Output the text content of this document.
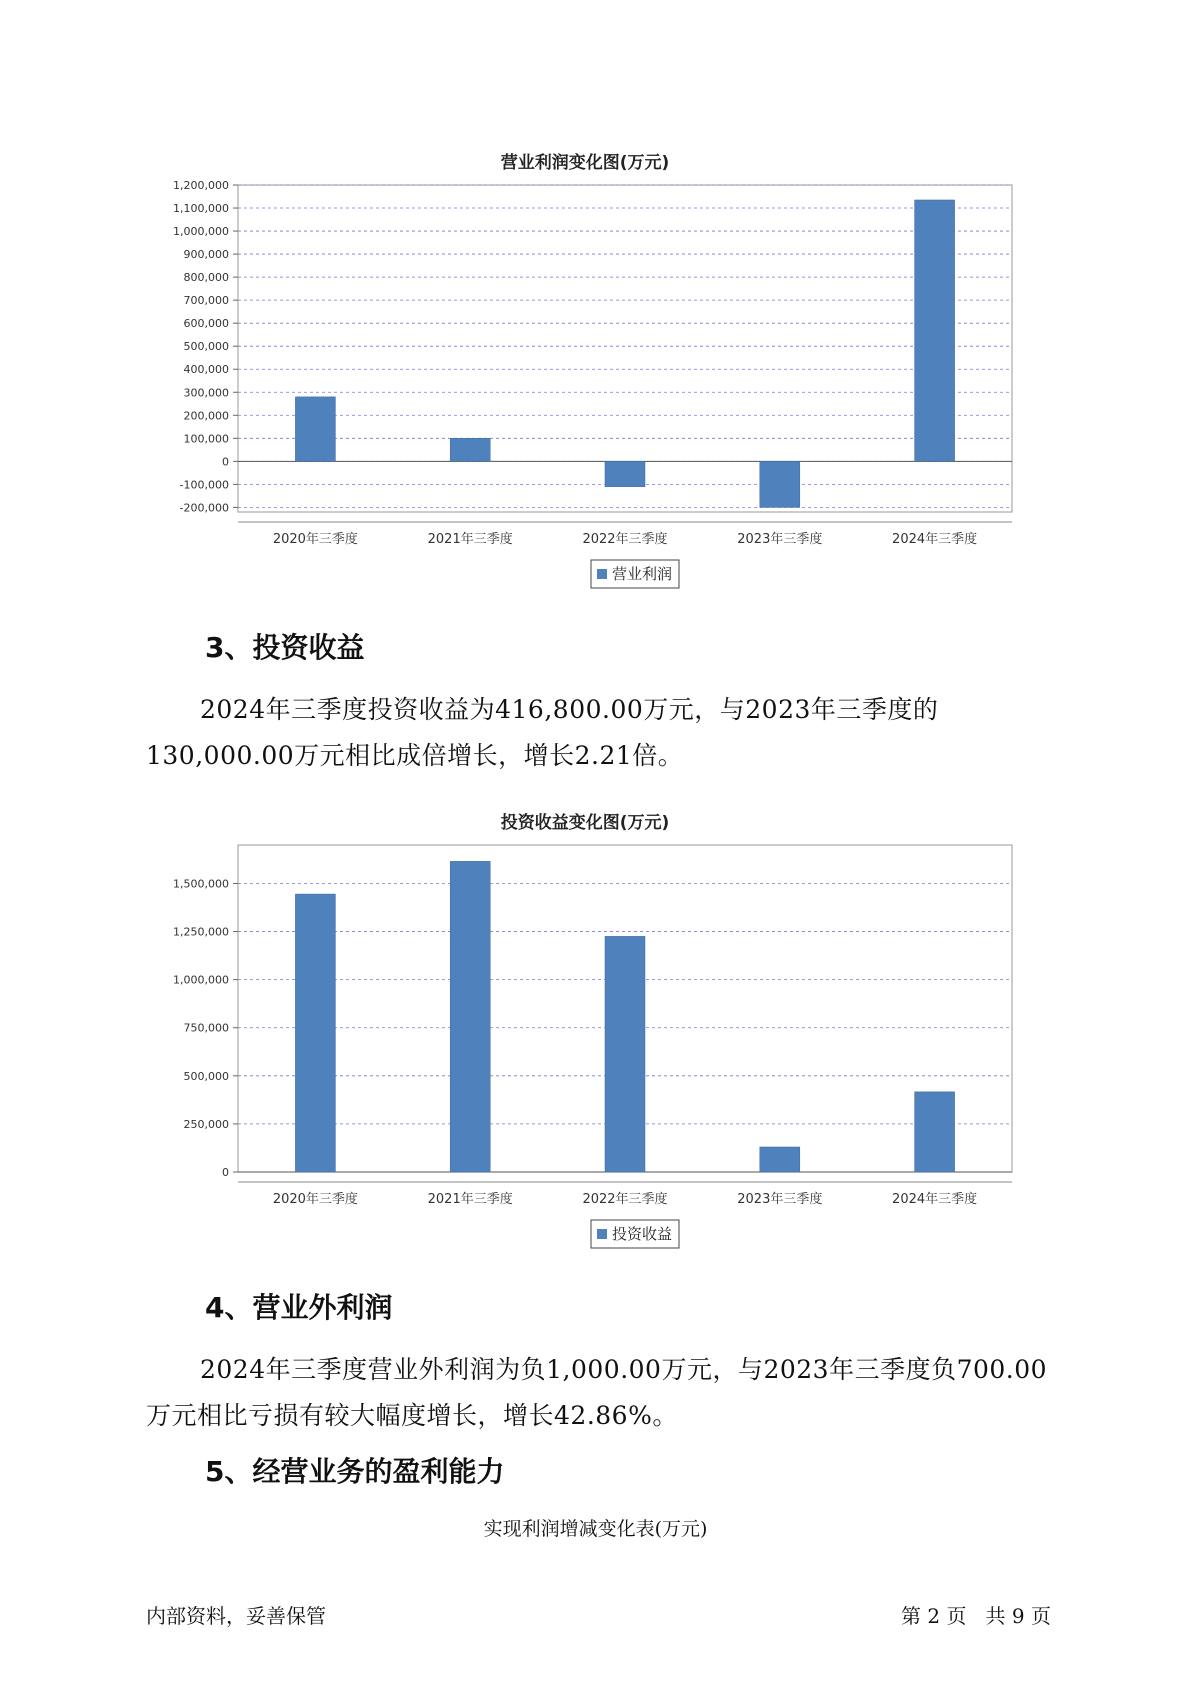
营业利润变化图(万元)
1,200,000
1,100,000
1,000,000
900,000
800,000
700,000
600,000
500,000
400,000
300,000
200,000
100,000
0
-100,000
-200,000
2020年三季度	2021年三季度	2022年三季度	2023年三季度	2024年三季度
营业利润
3、投资收益
2024年三季度投资收益为416,800.00万元，与2023年三季度的
130,000.00万元相比成倍增长，增长2.21倍。
投资收益变化图(万元)
1,500,000
1,250,000
1,000,000
750,000
500,000
250,000
0
2020年三季度	2021年三季度	2022年三季度	2023年三季度	2024年三季度
投资收益
4、营业外利润
2024年三季度营业外利润为负1,000.00万元，与2023年三季度负700.00
万元相比亏损有较大幅度增长，增长42.86%。
5、经营业务的盈利能力
实现利润增减变化表(万元)
内部资料，妥善保管	第 2 页   共 9 页
